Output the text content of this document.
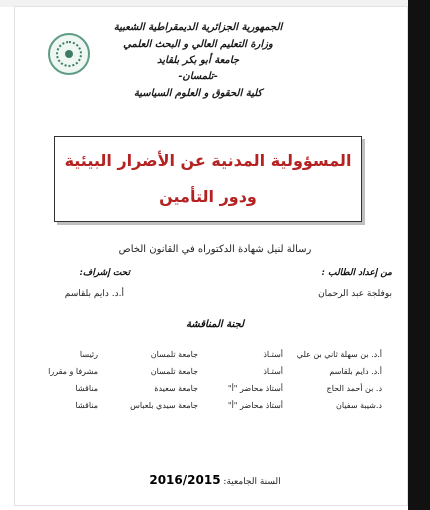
الجمهورية الجزائرية الديمقراطية الشعبية
وزارة التعليم العالي و البحث العلمي
جامعة أبو بكر بلقايد
-تلمسان-
كلية الحقوق و العلوم السياسية
المسؤولية المدنية عن الأضرار البيئية
ودور التأمين
رسالة لنيل شهادة الدكتوراه في القانون الخاص
من إعداد الطالب :
بوفلجة عبد الرحمان
تحت إشراف:
أ.د. دايم بلقاسم
لجنة المناقشة
أ.د. بن سهلة ثاني بن علي
أستـاذ
جامعة تلمسان
رئيسا
أ.د. دايم بلقاسم
أستـاذ
جامعة تلمسان
مشرفا و مقررا
د. بن أحمد الحاج
أستاذ محاضر "أ"
جامعة سعيدة
مناقشا
د.شيبة سفيان
أستاذ محاضر "أ"
جامعة سيدي بلعباس
مناقشا
السنة الجامعية: 2016/2015
